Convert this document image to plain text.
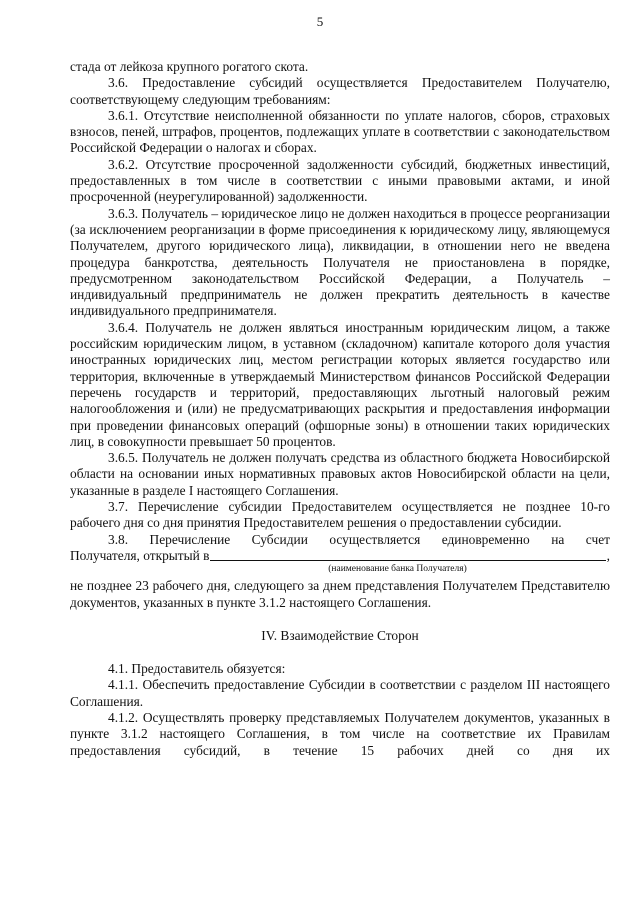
5

стада от лейкоза крупного рогатого скота.

3.6. Предоставление субсидий осуществляется Предоставителем Получателю, соответствующему следующим требованиям:

3.6.1. Отсутствие неисполненной обязанности по уплате налогов, сборов, страховых взносов, пеней, штрафов, процентов, подлежащих уплате в соответствии с законодательством Российской Федерации о налогах и сборах.

3.6.2. Отсутствие просроченной задолженности субсидий, бюджетных инвестиций, предоставленных в том числе в соответствии с иными правовыми актами, и иной просроченной (неурегулированной) задолженности.

3.6.3. Получатель – юридическое лицо не должен находиться в процессе реорганизации (за исключением реорганизации в форме присоединения к юридическому лицу, являющемуся Получателем, другого юридического лица), ликвидации, в отношении него не введена процедура банкротства, деятельность Получателя не приостановлена в порядке, предусмотренном законодательством Российской Федерации, а Получатель – индивидуальный предприниматель не должен прекратить деятельность в качестве индивидуального предпринимателя.

3.6.4. Получатель не должен являться иностранным юридическим лицом, а также российским юридическим лицом, в уставном (складочном) капитале которого доля участия иностранных юридических лиц, местом регистрации которых является государство или территория, включенные в утверждаемый Министерством финансов Российской Федерации перечень государств и территорий, предоставляющих льготный налоговый режим налогообложения и (или) не предусматривающих раскрытия и предоставления информации при проведении финансовых операций (офшорные зоны) в отношении таких юридических лиц, в совокупности превышает 50 процентов.

3.6.5. Получатель не должен получать средства из областного бюджета Новосибирской области на основании иных нормативных правовых актов Новосибирской области на цели, указанные в разделе I настоящего Соглашения.

3.7. Перечисление субсидии Предоставителем осуществляется не позднее 10-го рабочего дня со дня принятия Предоставителем решения о предоставлении субсидии.

3.8. Перечисление Субсидии осуществляется единовременно на счет

Получателя, открытый в	,
(наименование банка Получателя)

не позднее 23 рабочего дня, следующего за днем представления Получателем Представителю документов, указанных в пункте 3.1.2 настоящего Соглашения.

IV. Взаимодействие Сторон

4.1. Предоставитель обязуется:

4.1.1. Обеспечить предоставление Субсидии в соответствии с разделом III настоящего Соглашения.

4.1.2. Осуществлять проверку представляемых Получателем документов, указанных в пункте 3.1.2 настоящего Соглашения, в том числе на соответствие их Правилам предоставления субсидий, в течение 15 рабочих дней со дня их
